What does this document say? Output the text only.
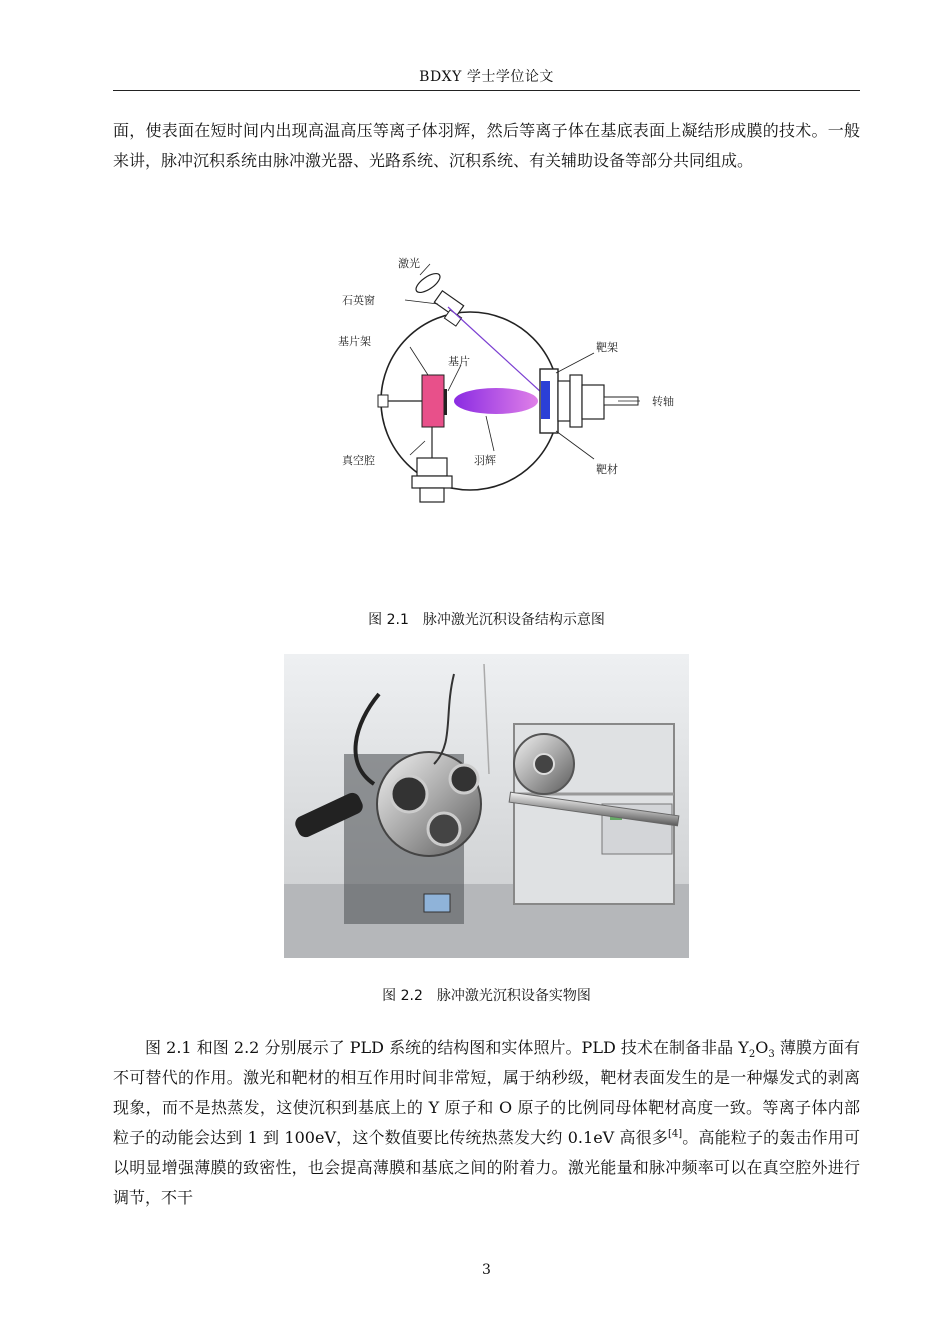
BDXY 学士学位论文
面，使表面在短时间内出现高温高压等离子体羽辉，然后等离子体在基底表面上凝结形成膜的技术。一般来讲，脉冲沉积系统由脉冲激光器、光路系统、沉积系统、有关辅助设备等部分共同组成。
激光
石英窗
基片架
基片
靶架
转轴
真空腔	羽辉
靶材
图 2.1　脉冲激光沉积设备结构示意图
图 2.2　脉冲激光沉积设备实物图
图 2.1 和图 2.2 分别展示了 PLD 系统的结构图和实体照片。PLD 技术在制备非晶 $Y_2O_3$ 薄膜方面有不可替代的作用。激光和靶材的相互作用时间非常短，属于纳秒级，靶材表面发生的是一种爆发式的剥离现象，而不是热蒸发，这使沉积到基底上的 Y 原子和 O 原子的比例同母体靶材高度一致。等离子体内部粒子的动能会达到 1 到 100eV，这个数值要比传统热蒸发大约 0.1eV 高很多[4]。高能粒子的轰击作用可以明显增强薄膜的致密性，也会提高薄膜和基底之间的附着力。激光能量和脉冲频率可以在真空腔外进行调节，不干
3
